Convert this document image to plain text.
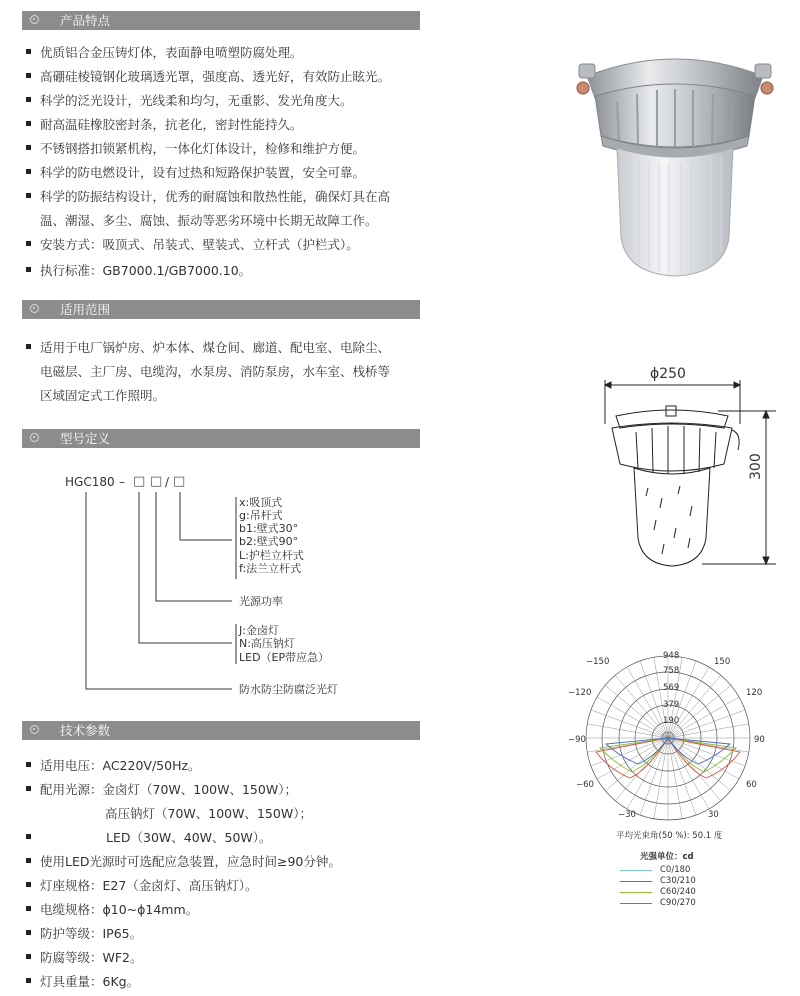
产品特点
优质铝合金压铸灯体，表面静电喷塑防腐处理。
高硼硅棱镜钢化玻璃透光罩，强度高、透光好，有效防止眩光。
科学的泛光设计，光线柔和均匀，无重影、发光角度大。
耐高温硅橡胶密封条，抗老化，密封性能持久。
不锈钢搭扣锁紧机构，一体化灯体设计，检修和维护方便。
科学的防电燃设计，设有过热和短路保护装置，安全可靠。
科学的防振结构设计，优秀的耐腐蚀和散热性能，确保灯具在高
温、潮湿、多尘、腐蚀、振动等恶劣环境中长期无故障工作。
安装方式：吸顶式、吊装式、壁装式、立杆式（护栏式）。
执行标准：GB7000.1/GB7000.10。
适用范围
适用于电厂锅炉房、炉本体、煤仓间、廊道、配电室、电除尘、
电磁层、主厂房、电缆沟，水泵房、消防泵房，水车室、栈桥等
区域固定式工作照明。
型号定义
HGC180 – □ □ / □
x:吸顶式
g:吊杆式
b1:壁式30°
b2:壁式90°
L:护栏立杆式
f:法兰立杆式
光源功率
J:金卤灯
N:高压钠灯
LED（EP带应急）
防水防尘防腐泛光灯
技术参数
适用电压：AC220V/50Hz。
配用光源：金卤灯（70W、100W、150W）；
高压钠灯（70W、100W、150W）；
LED（30W、40W、50W）。
使用LED光源时可选配应急装置，应急时间≥90分钟。
灯座规格：E27（金卤灯、高压钠灯）。
电缆规格：ϕ10~ϕ14mm。
防护等级：IP65。
防腐等级：WF2。
灯具重量：6Kg。
ϕ250
300
948
758
569
379
190
−150	150
−120	120
−90	90
−60	60
−30	30
平均光束角(50 %): 50.1 度
光强单位：cd
C0/180
C30/210
C60/240
C90/270
